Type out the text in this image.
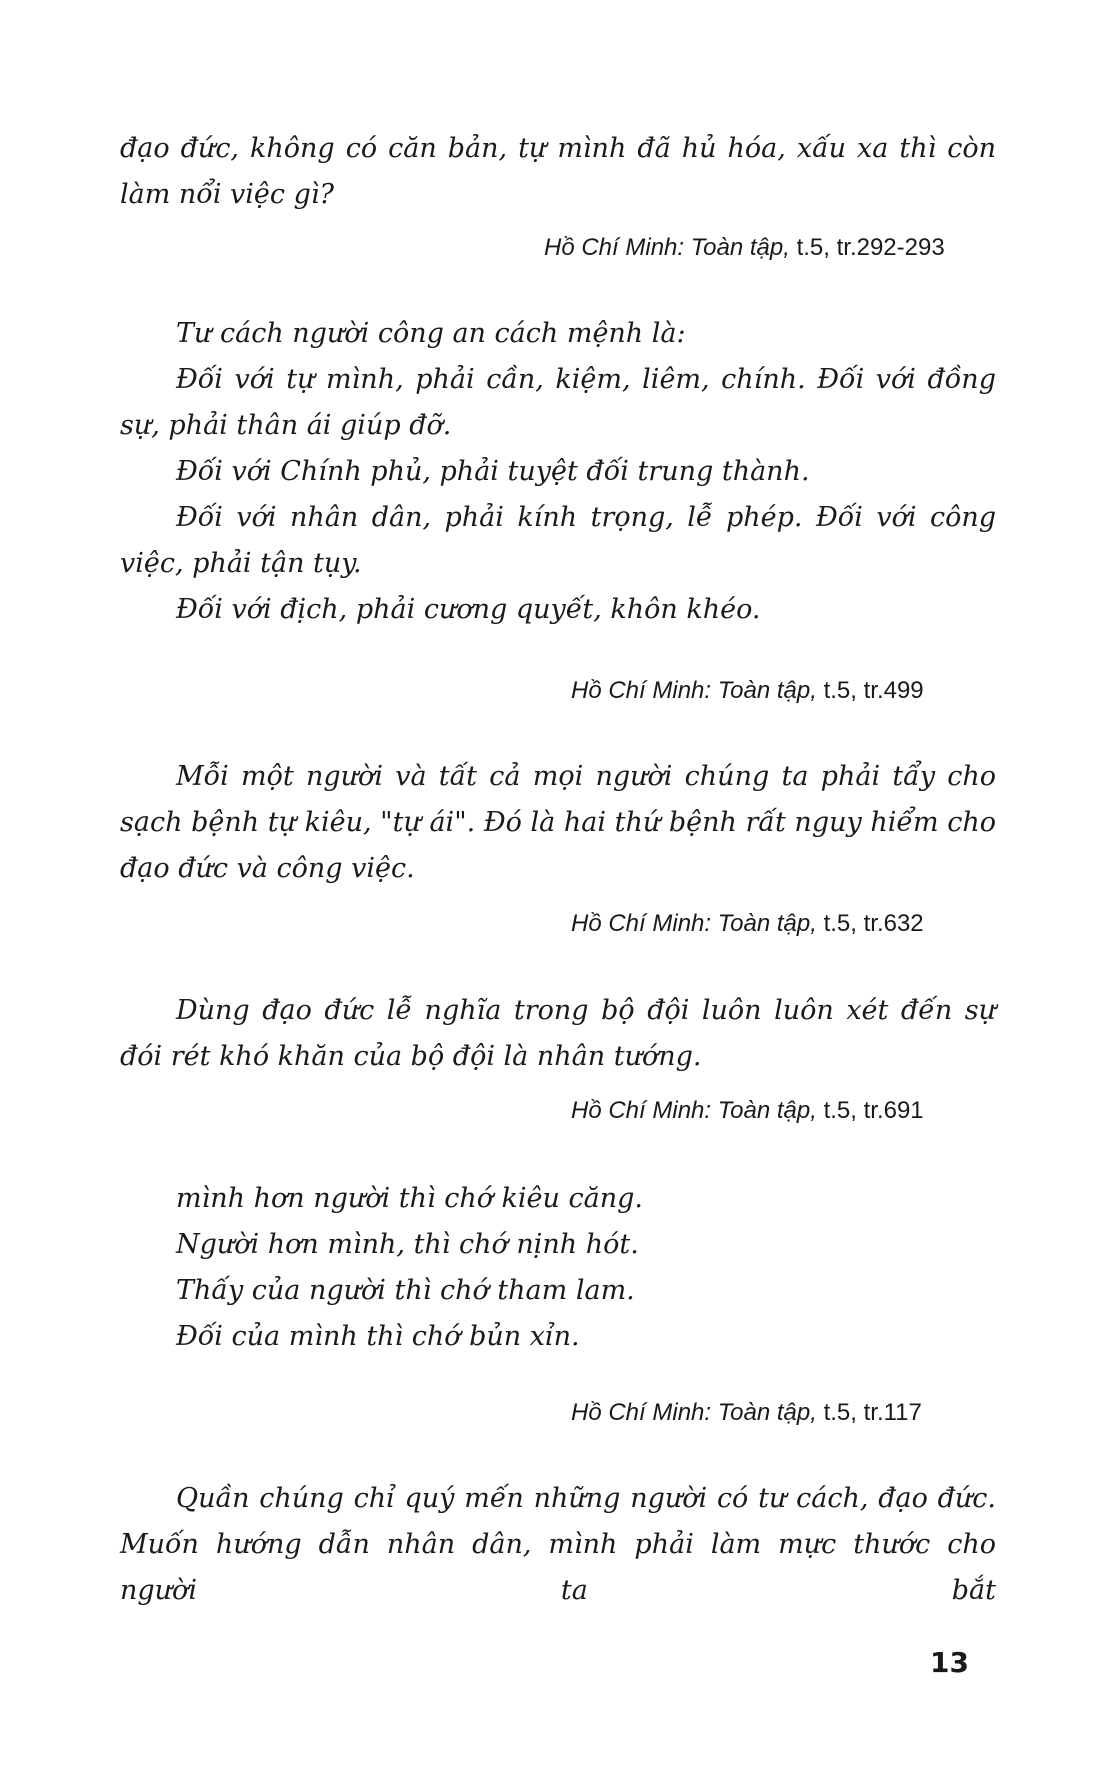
đạo đức, không có căn bản, tự mình đã hủ hóa, xấu xa thì còn làm nổi việc gì?

Hồ Chí Minh: Toàn tập, t.5, tr.292-293

Tư cách người công an cách mệnh là:

Đối với tự mình, phải cần, kiệm, liêm, chính. Đối với đồng sự, phải thân ái giúp đỡ.

Đối với Chính phủ, phải tuyệt đối trung thành.

Đối với nhân dân, phải kính trọng, lễ phép. Đối với công việc, phải tận tụy.

Đối với địch, phải cương quyết, khôn khéo.

Hồ Chí Minh: Toàn tập, t.5, tr.499

Mỗi một người và tất cả mọi người chúng ta phải tẩy cho sạch bệnh tự kiêu, "tự ái". Đó là hai thứ bệnh rất nguy hiểm cho đạo đức và công việc.

Hồ Chí Minh: Toàn tập, t.5, tr.632

Dùng đạo đức lễ nghĩa trong bộ đội luôn luôn xét đến sự đói rét khó khăn của bộ đội là nhân tướng.

Hồ Chí Minh: Toàn tập, t.5, tr.691

mình hơn người thì chớ kiêu căng.

Người hơn mình, thì chớ nịnh hót.

Thấy của người thì chớ tham lam.

Đối của mình thì chớ bủn xỉn.

Hồ Chí Minh: Toàn tập, t.5, tr.117

Quần chúng chỉ quý mến những người có tư cách, đạo đức. Muốn hướng dẫn nhân dân, mình phải làm mực thước cho người ta bắt

13
